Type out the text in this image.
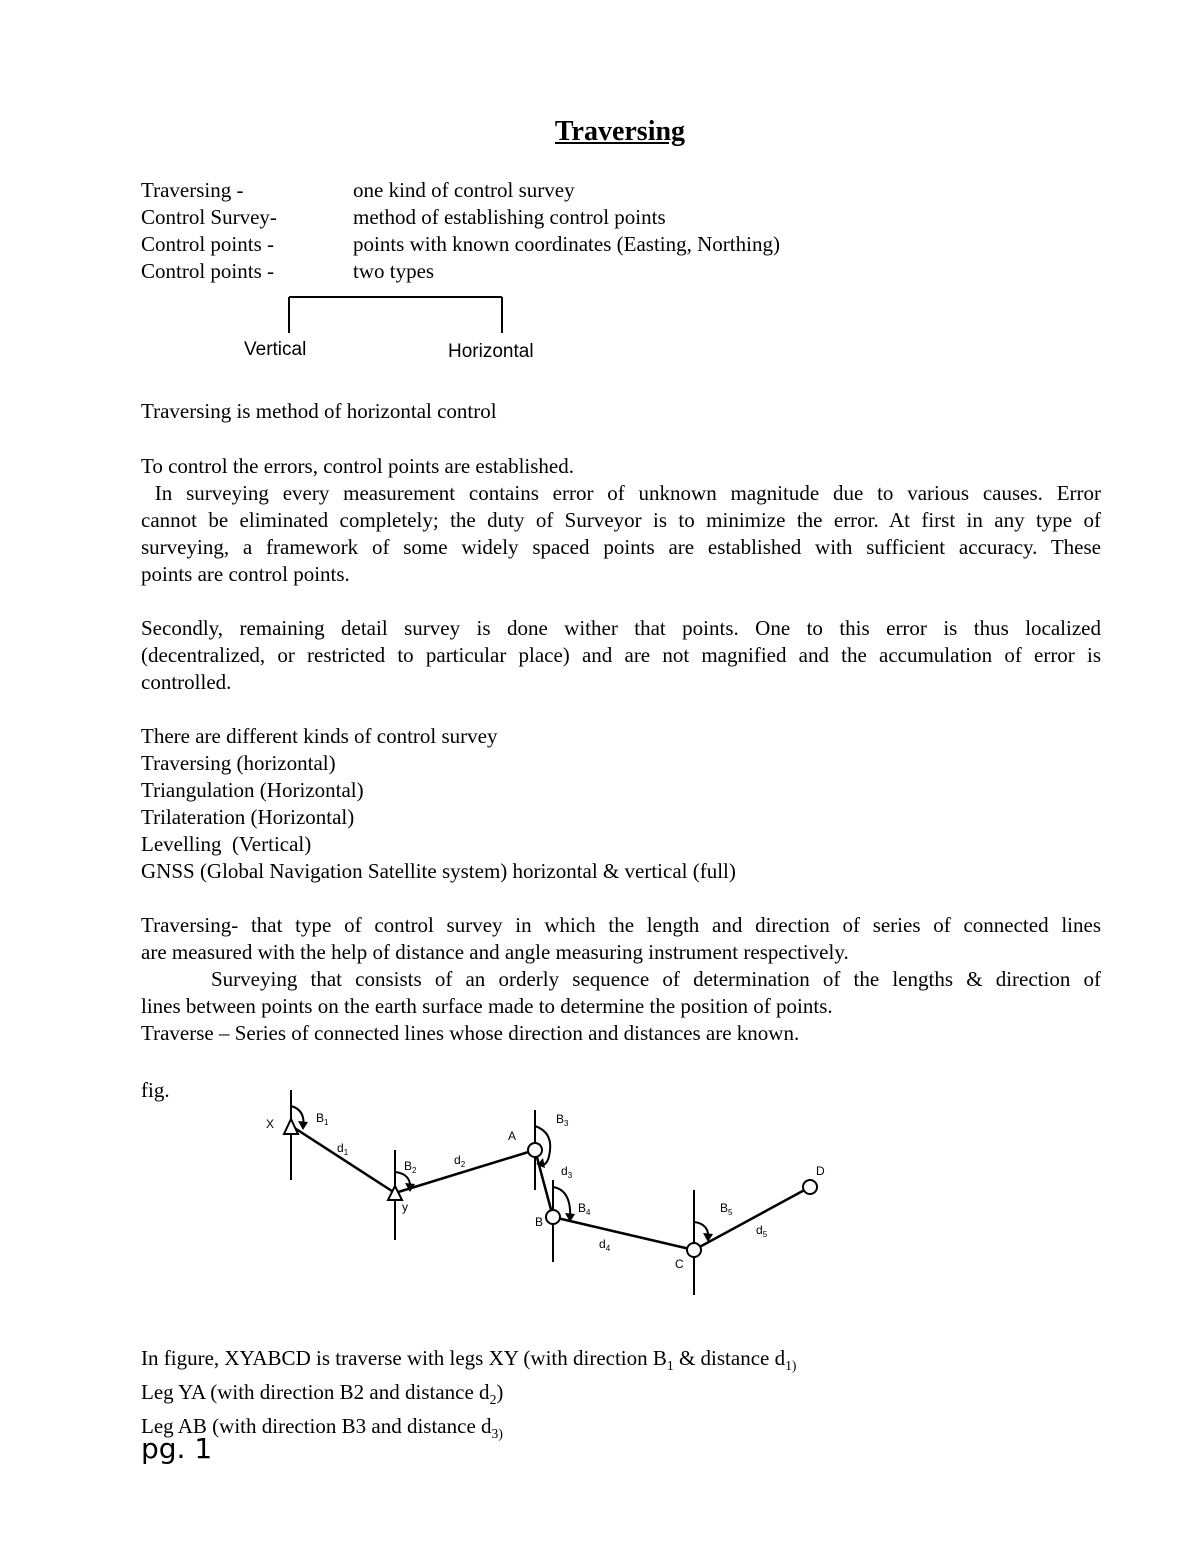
Traversing
Traversing -	one kind of control survey
Control Survey-	method of establishing control points
Control points -	points with known coordinates (Easting, Northing)
Control points -	two types
Vertical	Horizontal
Traversing is method of horizontal control
To control the errors, control points are established.
In surveying every measurement contains error of unknown magnitude due to various causes. Error
cannot be eliminated completely; the duty of Surveyor is to minimize the error. At first in any type of
surveying, a framework of some widely spaced points are established with sufficient accuracy. These
points are control points.
Secondly, remaining detail survey is done wither that points. One to this error is thus localized
(decentralized, or restricted to particular place) and are not magnified and the accumulation of error is
controlled.
There are different kinds of control survey
Traversing (horizontal)
Triangulation (Horizontal)
Trilateration (Horizontal)
Levelling  (Vertical)
GNSS (Global Navigation Satellite system) horizontal & vertical (full)
Traversing- that type of control survey in which the length and direction of series of connected lines
are measured with the help of distance and angle measuring instrument respectively.
Surveying that consists of an orderly sequence of determination of the lengths & direction of
lines between points on the earth surface made to determine the position of points.
Traverse – Series of connected lines whose direction and distances are known.
fig.
X
y
A
B
C
D
$B_1$
$B_2$
$B_3$
$B_4$	$B_5$
$d_1$
$d_2$	$d_3$
$d_4$
$d_5$
In figure, XYABCD is traverse with legs XY (with direction $B_1$ & distance $d_{1)}$
Leg YA (with direction B2 and distance $d_2$)
Leg AB (with direction B3 and distance $d_{3)}$
pg. 1
